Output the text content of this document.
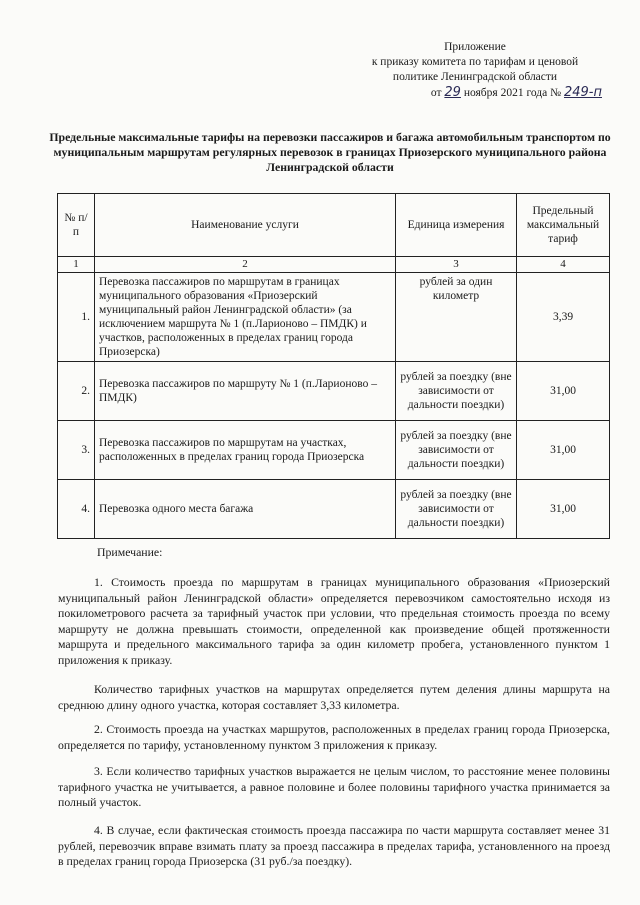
Приложение
к приказу комитета по тарифам и ценовой
политике Ленинградской области
от 29 ноября 2021 года № 249-п
Предельные максимальные тарифы на перевозки пассажиров и багажа автомобильным транспортом по муниципальным маршрутам регулярных перевозок в границах Приозерского муниципального района Ленинградской области
№ п/п	Наименование услуги	Единица измерения	Предельный максимальный тариф
1	2	3	4
1.	Перевозка пассажиров по маршрутам в границах муниципального образования «Приозерский муниципальный район Ленинградской области» (за исключением маршрута № 1 (п.Ларионово – ПМДК) и участков, расположенных в пределах границ города Приозерска)	рублей за один километр	3,39
2.	Перевозка пассажиров по маршруту № 1 (п.Ларионово – ПМДК)	рублей за поездку (вне зависимости от дальности поездки)	31,00
3.	Перевозка пассажиров по маршрутам на участках, расположенных в пределах границ города Приозерска	рублей за поездку (вне зависимости от дальности поездки)	31,00
4.	Перевозка одного места багажа	рублей за поездку (вне зависимости от дальности поездки)	31,00
Примечание:

1. Стоимость проезда по маршрутам в границах муниципального образования «Приозерский муниципальный район Ленинградской области» определяется перевозчиком самостоятельно исходя из покилометрового расчета за тарифный участок при условии, что предельная стоимость проезда по всему маршруту не должна превышать стоимости, определенной как произведение общей протяженности маршрута и предельного максимального тарифа за один километр пробега, установленного пунктом 1 приложения к приказу.

Количество тарифных участков на маршрутах определяется путем деления длины маршрута на среднюю длину одного участка, которая составляет 3,33 километра.

2. Стоимость проезда на участках маршрутов, расположенных в пределах границ города Приозерска, определяется по тарифу, установленному пунктом 3 приложения к приказу.

3. Если количество тарифных участков выражается не целым числом, то расстояние менее половины тарифного участка не учитывается, а равное половине и более половины тарифного участка принимается за полный участок.

4. В случае, если фактическая стоимость проезда пассажира по части маршрута составляет менее 31 рублей, перевозчик вправе взимать плату за проезд пассажира в пределах тарифа, установленного на проезд в пределах границ города Приозерска (31 руб./за поездку).
